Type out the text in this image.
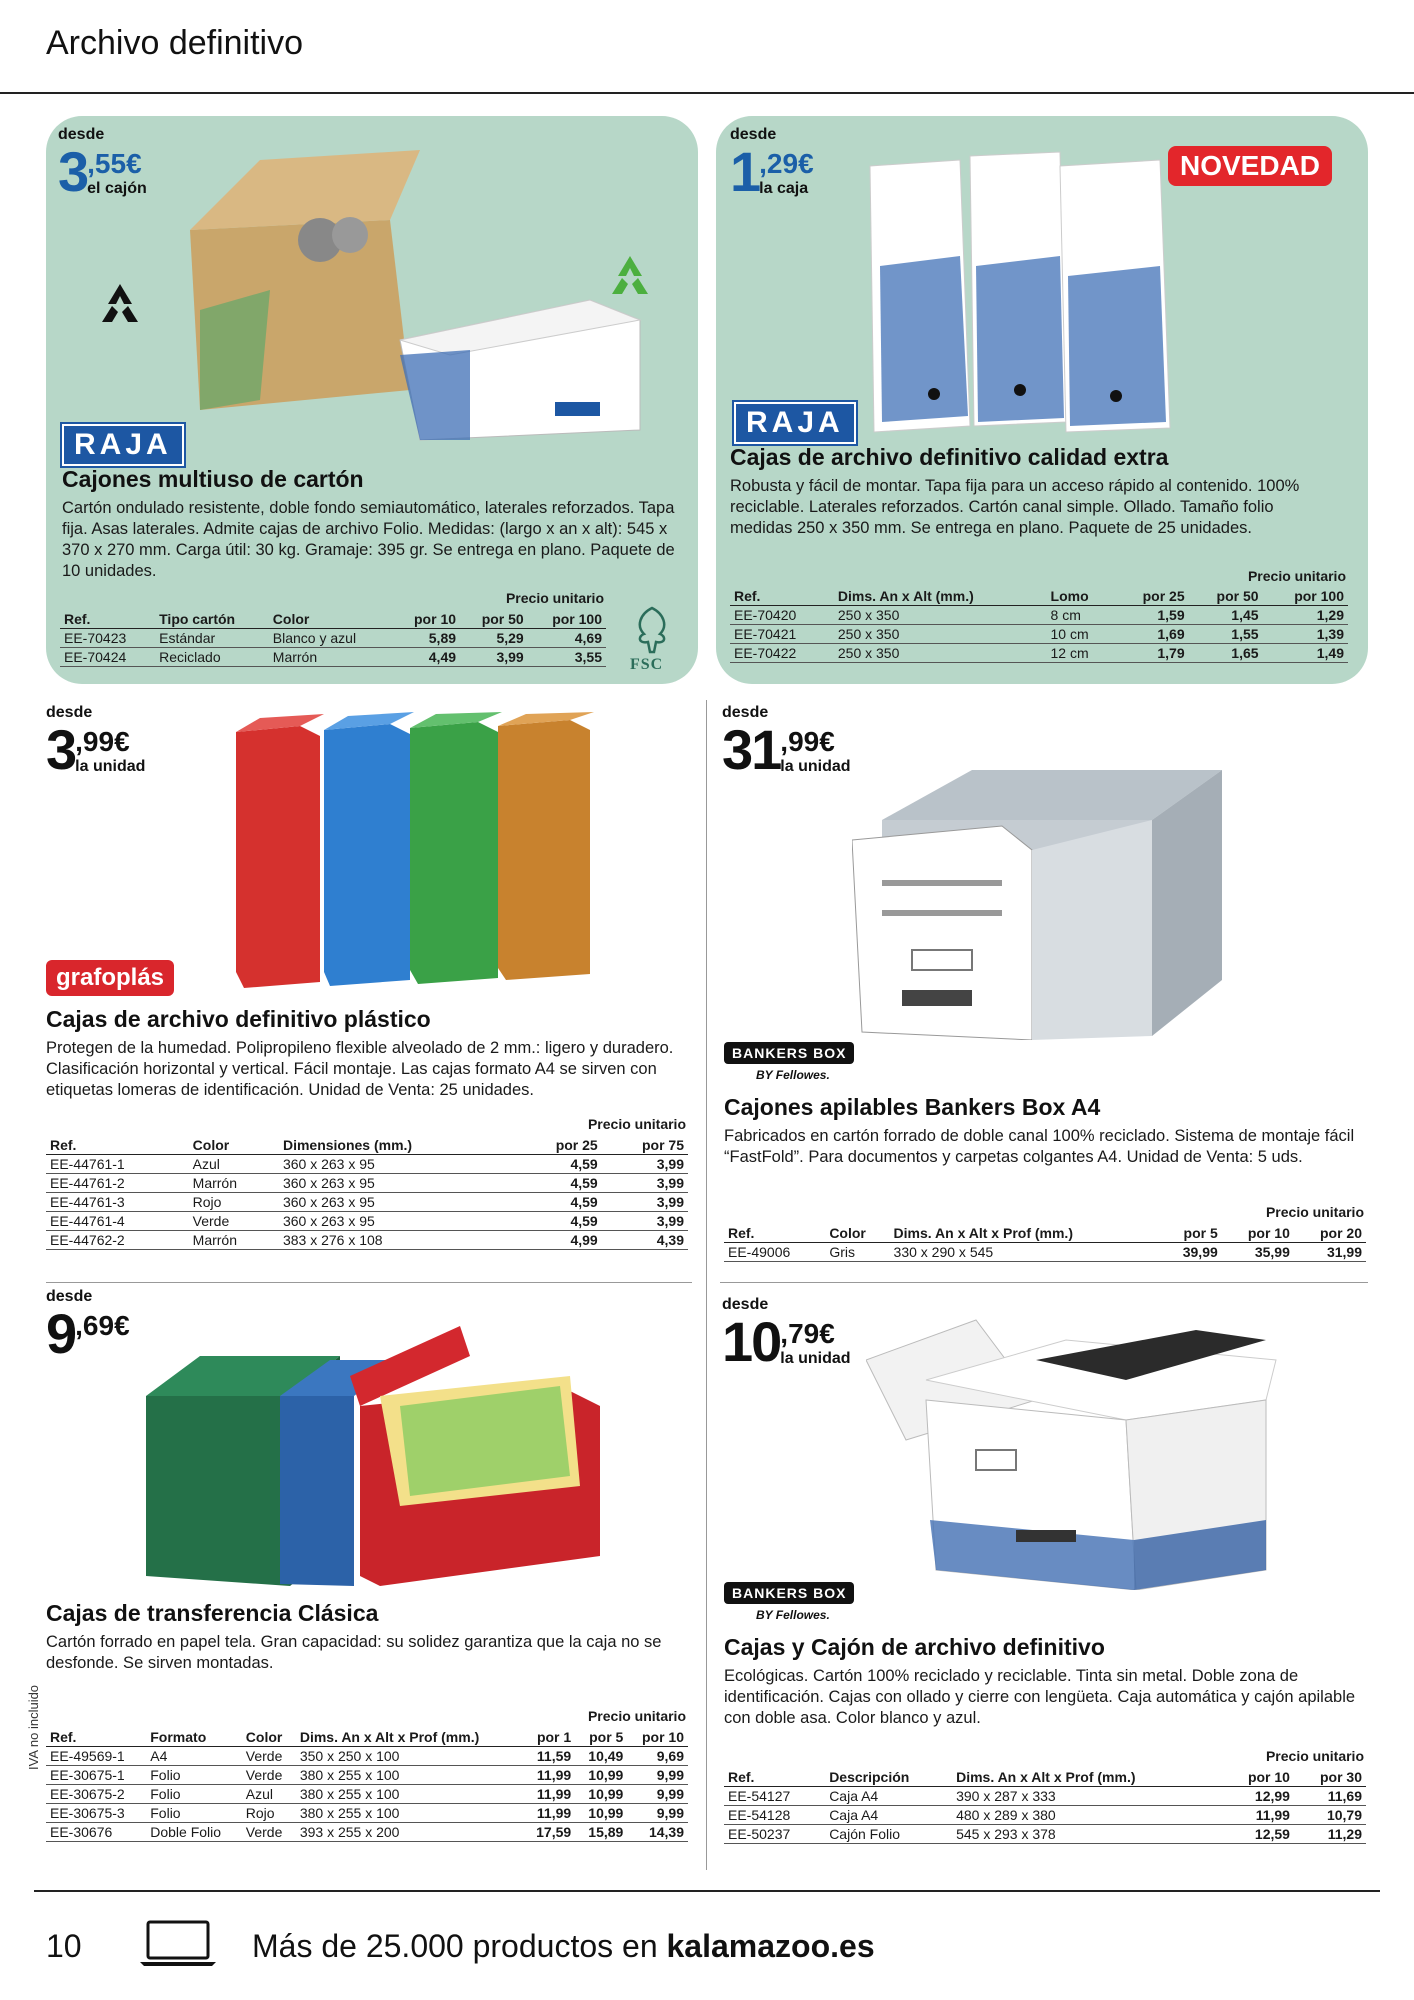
Archivo definitivo
desde
3,55€
el cajón
RAJA
Cajones multiuso de cartón
Cartón ondulado resistente, doble fondo semiautomático, laterales reforzados. Tapa fija. Asas laterales. Admite cajas de archivo Folio. Medidas: (largo x an x alt): 545 x 370 x 270 mm. Carga útil: 30 kg. Gramaje: 395 gr. Se entrega en plano. Paquete de 10 unidades.
Precio unitario
Ref.	Tipo cartón	Color	por 10	por 50	por 100
EE-70423	Estándar	Blanco y azul	5,89	5,29	4,69
EE-70424	Reciclado	Marrón	4,49	3,99	3,55 FSC
desde
1,29€
la caja
NOVEDAD
RAJA
Cajas de archivo definitivo calidad extra
Robusta y fácil de montar. Tapa fija para un acceso rápido al contenido. 100% reciclable. Laterales reforzados. Cartón canal simple. Ollado. Tamaño folio medidas 250 x 350 mm. Se entrega en plano. Paquete de 25 unidades.
Precio unitario
Ref.	Dims. An x Alt (mm.)	Lomo	por 25	por 50	por 100
EE-70420	250 x 350	8 cm	1,59	1,45	1,29
EE-70421	250 x 350	10 cm	1,69	1,55	1,39
EE-70422	250 x 350	12 cm	1,79	1,65	1,49
desde
3,99€
la unidad
grafoplás
Cajas de archivo definitivo plástico
Protegen de la humedad. Polipropileno flexible alveolado de 2 mm.: ligero y duradero. Clasificación horizontal y vertical. Fácil montaje. Las cajas formato A4 se sirven con etiquetas lomeras de identificación. Unidad de Venta: 25 unidades.
Precio unitario
Ref.	Color	Dimensiones (mm.)	por 25	por 75
EE-44761-1	Azul	360 x 263 x 95	4,59	3,99
EE-44761-2	Marrón	360 x 263 x 95	4,59	3,99
EE-44761-3	Rojo	360 x 263 x 95	4,59	3,99
EE-44761-4	Verde	360 x 263 x 95	4,59	3,99
EE-44762-2	Marrón	383 x 276 x 108	4,99	4,39
desde
31,99€
la unidad
BANKERS BOX
BY Fellowes.
Cajones apilables Bankers Box A4
Fabricados en cartón forrado de doble canal 100% reciclado. Sistema de montaje fácil “FastFold”. Para documentos y carpetas colgantes A4. Unidad de Venta: 5 uds.
Precio unitario
Ref.	Color	Dims. An x Alt x Prof (mm.)	por 5	por 10	por 20
EE-49006	Gris	330 x 290 x 545	39,99	35,99	31,99
desde
9,69€
Cajas de transferencia Clásica
Cartón forrado en papel tela. Gran capacidad: su solidez garantiza que la caja no se desfonde. Se sirven montadas.
Precio unitario
Ref.	Formato	Color	Dims. An x Alt x Prof (mm.)	por 1	por 5	por 10
EE-49569-1	A4	Verde	350 x 250 x 100	11,59	10,49	9,69
EE-30675-1	Folio	Verde	380 x 255 x 100	11,99	10,99	9,99
EE-30675-2	Folio	Azul	380 x 255 x 100	11,99	10,99	9,99
EE-30675-3	Folio	Rojo	380 x 255 x 100	11,99	10,99	9,99
EE-30676	Doble Folio	Verde	393 x 255 x 200	17,59	15,89	14,39
desde
10,79€
la unidad
BANKERS BOX
BY Fellowes.
Cajas y Cajón de archivo definitivo
Ecológicas. Cartón 100% reciclado y reciclable. Tinta sin metal. Doble zona de identificación. Cajas con ollado y cierre con lengüeta. Caja automática y cajón apilable con doble asa. Color blanco y azul.
Precio unitario
Ref.	Descripción	Dims. An x Alt x Prof (mm.)	por 10	por 30
EE-54127	Caja A4	390 x 287 x 333	12,99	11,69
EE-54128	Caja A4	480 x 289 x 380	11,99	10,79
EE-50237	Cajón Folio	545 x 293 x 378	12,59	11,29
IVA no incluido
10	Más de 25.000 productos en kalamazoo.es
